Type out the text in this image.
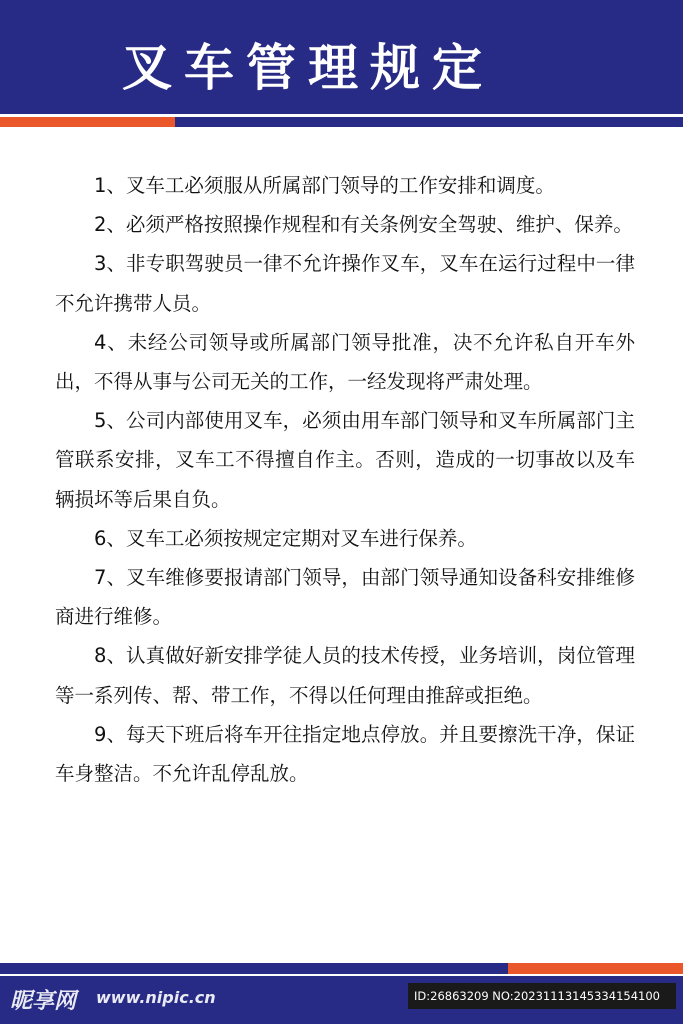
叉车管理规定

1、叉车工必须服从所属部门领导的工作安排和调度。

2、必须严格按照操作规程和有关条例安全驾驶、维护、保养。

3、非专职驾驶员一律不允许操作叉车，叉车在运行过程中一律不允许携带人员。

4、未经公司领导或所属部门领导批准，决不允许私自开车外出，不得从事与公司无关的工作，一经发现将严肃处理。

5、公司内部使用叉车，必须由用车部门领导和叉车所属部门主管联系安排，叉车工不得擅自作主。否则，造成的一切事故以及车辆损坏等后果自负。

6、叉车工必须按规定定期对叉车进行保养。

7、叉车维修要报请部门领导，由部门领导通知设备科安排维修商进行维修。

8、认真做好新安排学徒人员的技术传授，业务培训，岗位管理等一系列传、帮、带工作，不得以任何理由推辞或拒绝。

9、每天下班后将车开往指定地点停放。并且要擦洗干净，保证车身整洁。不允许乱停乱放。

昵享网 www.nipic.cn	ID:26863209 NO:20231113145334154100
